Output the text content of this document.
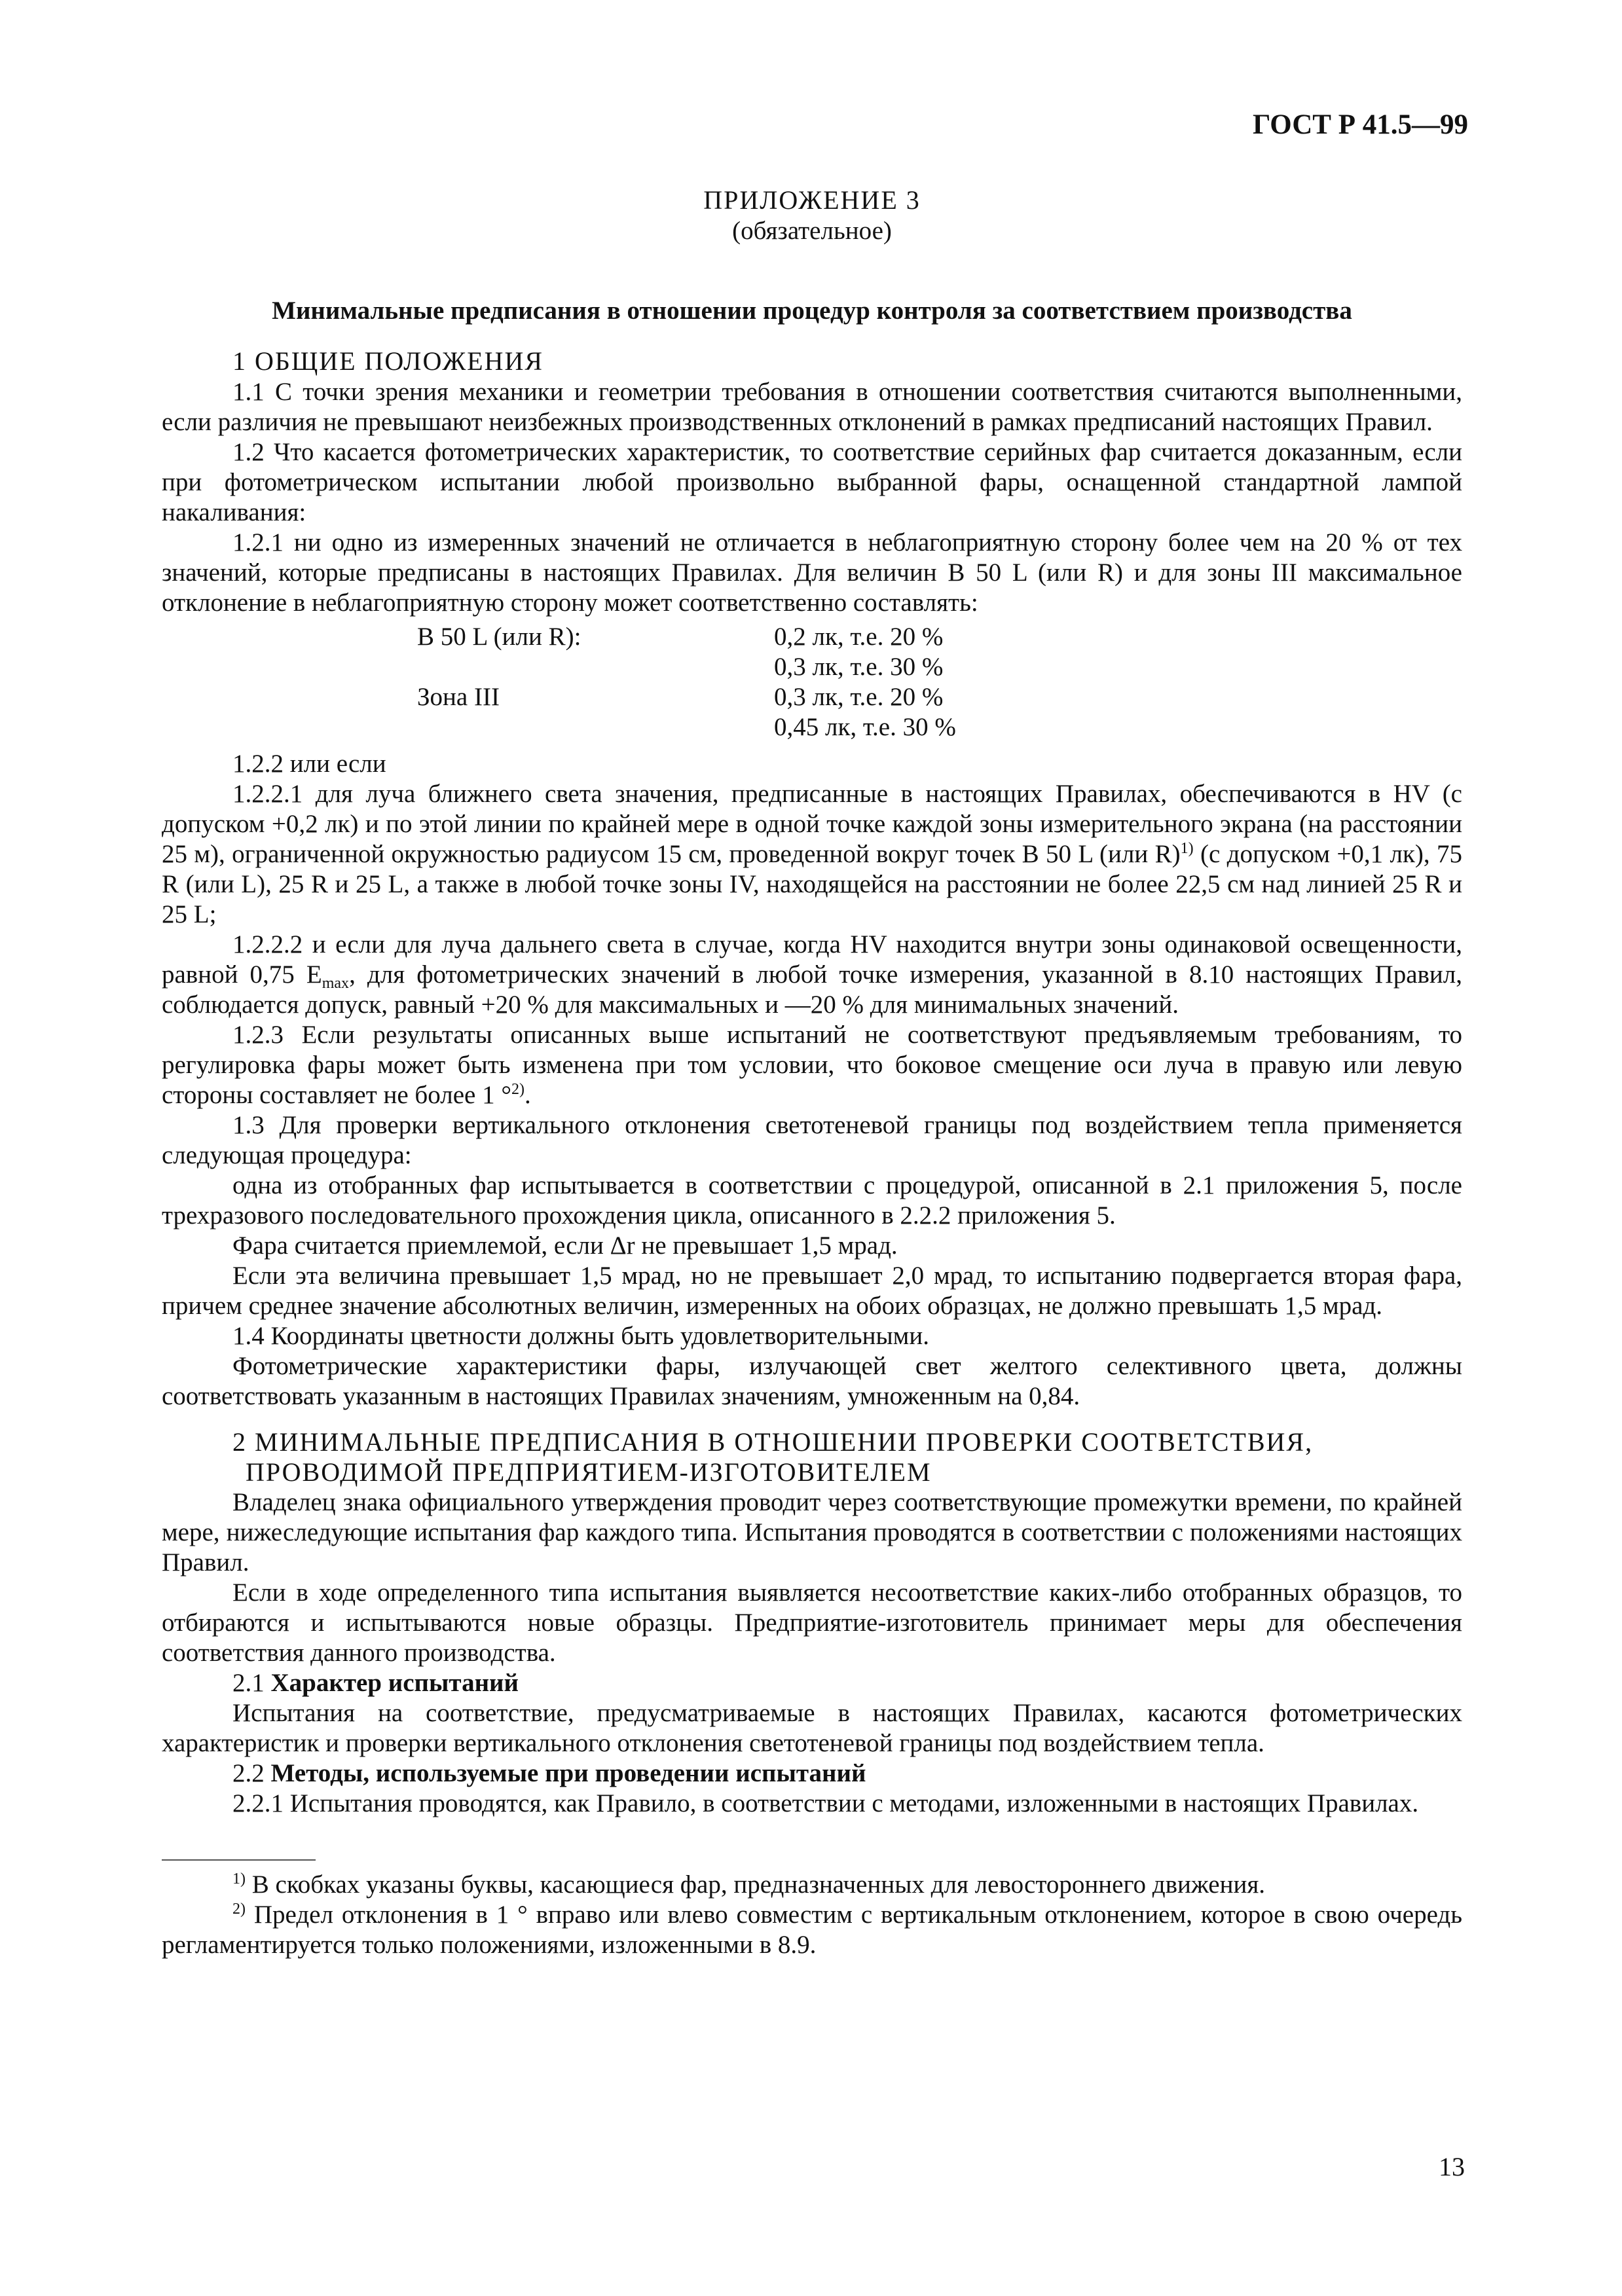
ГОСТ Р 41.5—99
ПРИЛОЖЕНИЕ 3
(обязательное)

Минимальные предписания в отношении процедур контроля за соответствием производства

1 ОБЩИЕ ПОЛОЖЕНИЯ

1.1 С точки зрения механики и геометрии требования в отношении соответствия считаются выполненными, если различия не превышают неизбежных производственных отклонений в рамках предписаний настоящих Правил.

1.2 Что касается фотометрических характеристик, то соответствие серийных фар считается доказанным, если при фотометрическом испытании любой произвольно выбранной фары, оснащенной стандартной лампой накаливания:

1.2.1 ни одно из измеренных значений не отличается в неблагоприятную сторону более чем на 20 % от тех значений, которые предписаны в настоящих Правилах. Для величин B 50 L (или R) и для зоны III максимальное отклонение в неблагоприятную сторону может соответственно составлять:

B 50 L (или R):	0,2 лк, т.е. 20 %
	0,3 лк, т.е. 30 %
Зона III	0,3 лк, т.е. 20 %
	0,45 лк, т.е. 30 %

1.2.2 или если

1.2.2.1 для луча ближнего света значения, предписанные в настоящих Правилах, обеспечиваются в HV (с допуском +0,2 лк) и по этой линии по крайней мере в одной точке каждой зоны измерительного экрана (на расстоянии 25 м), ограниченной окружностью радиусом 15 см, проведенной вокруг точек B 50 L (или R)$^{1)}$ (с допуском +0,1 лк), 75 R (или L), 25 R и 25 L, а также в любой точке зоны IV, находящейся на расстоянии не более 22,5 см над линией 25 R и 25 L;

1.2.2.2 и если для луча дальнего света в случае, когда HV находится внутри зоны одинаковой освещенности, равной 0,75 $E_{max}$, для фотометрических значений в любой точке измерения, указанной в 8.10 настоящих Правил, соблюдается допуск, равный +20 % для максимальных и —20 % для минимальных значений.

1.2.3 Если результаты описанных выше испытаний не соответствуют предъявляемым требованиям, то регулировка фары может быть изменена при том условии, что боковое смещение оси луча в правую или левую стороны составляет не более 1 °$^{2)}$.

1.3 Для проверки вертикального отклонения светотеневой границы под воздействием тепла применяется следующая процедура:

одна из отобранных фар испытывается в соответствии с процедурой, описанной в 2.1 приложения 5, после трехразового последовательного прохождения цикла, описанного в 2.2.2 приложения 5.

Фара считается приемлемой, если Δr не превышает 1,5 мрад.

Если эта величина превышает 1,5 мрад, но не превышает 2,0 мрад, то испытанию подвергается вторая фара, причем среднее значение абсолютных величин, измеренных на обоих образцах, не должно превышать 1,5 мрад.

1.4 Координаты цветности должны быть удовлетворительными.

Фотометрические характеристики фары, излучающей свет желтого селективного цвета, должны соответствовать указанным в настоящих Правилах значениям, умноженным на 0,84.

2 МИНИМАЛЬНЫЕ ПРЕДПИСАНИЯ В ОТНОШЕНИИ ПРОВЕРКИ СООТВЕТСТВИЯ,
ПРОВОДИМОЙ ПРЕДПРИЯТИЕМ-ИЗГОТОВИТЕЛЕМ

Владелец знака официального утверждения проводит через соответствующие промежутки времени, по крайней мере, нижеследующие испытания фар каждого типа. Испытания проводятся в соответствии с положениями настоящих Правил.

Если в ходе определенного типа испытания выявляется несоответствие каких-либо отобранных образцов, то отбираются и испытываются новые образцы. Предприятие-изготовитель принимает меры для обеспечения соответствия данного производства.

2.1 Характер испытаний

Испытания на соответствие, предусматриваемые в настоящих Правилах, касаются фотометрических характеристик и проверки вертикального отклонения светотеневой границы под воздействием тепла.

2.2 Методы, используемые при проведении испытаний

2.2.1 Испытания проводятся, как Правило, в соответствии с методами, изложенными в настоящих Правилах.

$^{1)}$ В скобках указаны буквы, касающиеся фар, предназначенных для левостороннего движения.

$^{2)}$ Предел отклонения в 1 ° вправо или влево совместим с вертикальным отклонением, которое в свою очередь регламентируется только положениями, изложенными в 8.9.

13
